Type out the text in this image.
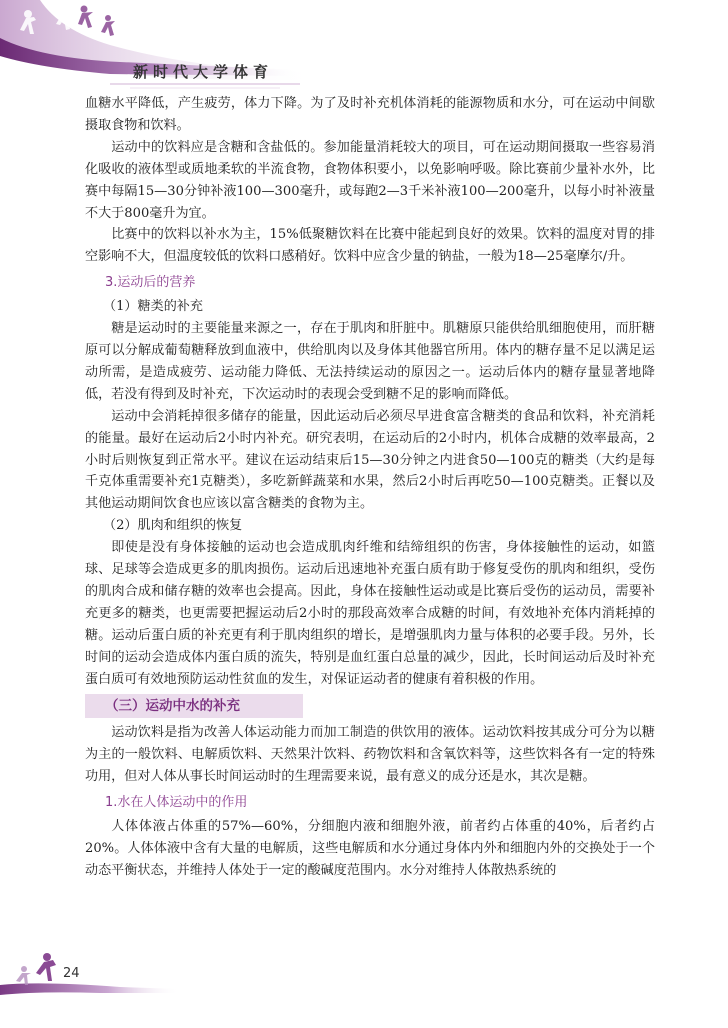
新时代大学体育

血糖水平降低，产生疲劳，体力下降。为了及时补充机体消耗的能源物质和水分，可在运动中间歇摄取食物和饮料。

运动中的饮料应是含糖和含盐低的。参加能量消耗较大的项目，可在运动期间摄取一些容易消化吸收的液体型或质地柔软的半流食物，食物体积要小，以免影响呼吸。除比赛前少量补水外，比赛中每隔15—30分钟补液100—300毫升，或每跑2—3千米补液100—200毫升，以每小时补液量不大于800毫升为宜。

比赛中的饮料以补水为主，15%低聚糖饮料在比赛中能起到良好的效果。饮料的温度对胃的排空影响不大，但温度较低的饮料口感稍好。饮料中应含少量的钠盐，一般为18—25毫摩尔/升。

3.运动后的营养

（1）糖类的补充

糖是运动时的主要能量来源之一，存在于肌肉和肝脏中。肌糖原只能供给肌细胞使用，而肝糖原可以分解成葡萄糖释放到血液中，供给肌肉以及身体其他器官所用。体内的糖存量不足以满足运动所需，是造成疲劳、运动能力降低、无法持续运动的原因之一。运动后体内的糖存量显著地降低，若没有得到及时补充，下次运动时的表现会受到糖不足的影响而降低。

运动中会消耗掉很多储存的能量，因此运动后必须尽早进食富含糖类的食品和饮料，补充消耗的能量。最好在运动后2小时内补充。研究表明，在运动后的2小时内，机体合成糖的效率最高，2小时后则恢复到正常水平。建议在运动结束后15—30分钟之内进食50—100克的糖类（大约是每千克体重需要补充1克糖类），多吃新鲜蔬菜和水果，然后2小时后再吃50—100克糖类。正餐以及其他运动期间饮食也应该以富含糖类的食物为主。

（2）肌肉和组织的恢复

即使是没有身体接触的运动也会造成肌肉纤维和结缔组织的伤害，身体接触性的运动，如篮球、足球等会造成更多的肌肉损伤。运动后迅速地补充蛋白质有助于修复受伤的肌肉和组织，受伤的肌肉合成和储存糖的效率也会提高。因此，身体在接触性运动或是比赛后受伤的运动员，需要补充更多的糖类，也更需要把握运动后2小时的那段高效率合成糖的时间，有效地补充体内消耗掉的糖。运动后蛋白质的补充更有利于肌肉组织的增长，是增强肌肉力量与体积的必要手段。另外，长时间的运动会造成体内蛋白质的流失，特别是血红蛋白总量的减少，因此，长时间运动后及时补充蛋白质可有效地预防运动性贫血的发生，对保证运动者的健康有着积极的作用。

（三）运动中水的补充

运动饮料是指为改善人体运动能力而加工制造的供饮用的液体。运动饮料按其成分可分为以糖为主的一般饮料、电解质饮料、天然果汁饮料、药物饮料和含氧饮料等，这些饮料各有一定的特殊功用，但对人体从事长时间运动时的生理需要来说，最有意义的成分还是水，其次是糖。

1.水在人体运动中的作用

人体体液占体重的57%—60%，分细胞内液和细胞外液，前者约占体重的40%，后者约占20%。人体体液中含有大量的电解质，这些电解质和水分通过身体内外和细胞内外的交换处于一个动态平衡状态，并维持人体处于一定的酸碱度范围内。水分对维持人体散热系统的

24
